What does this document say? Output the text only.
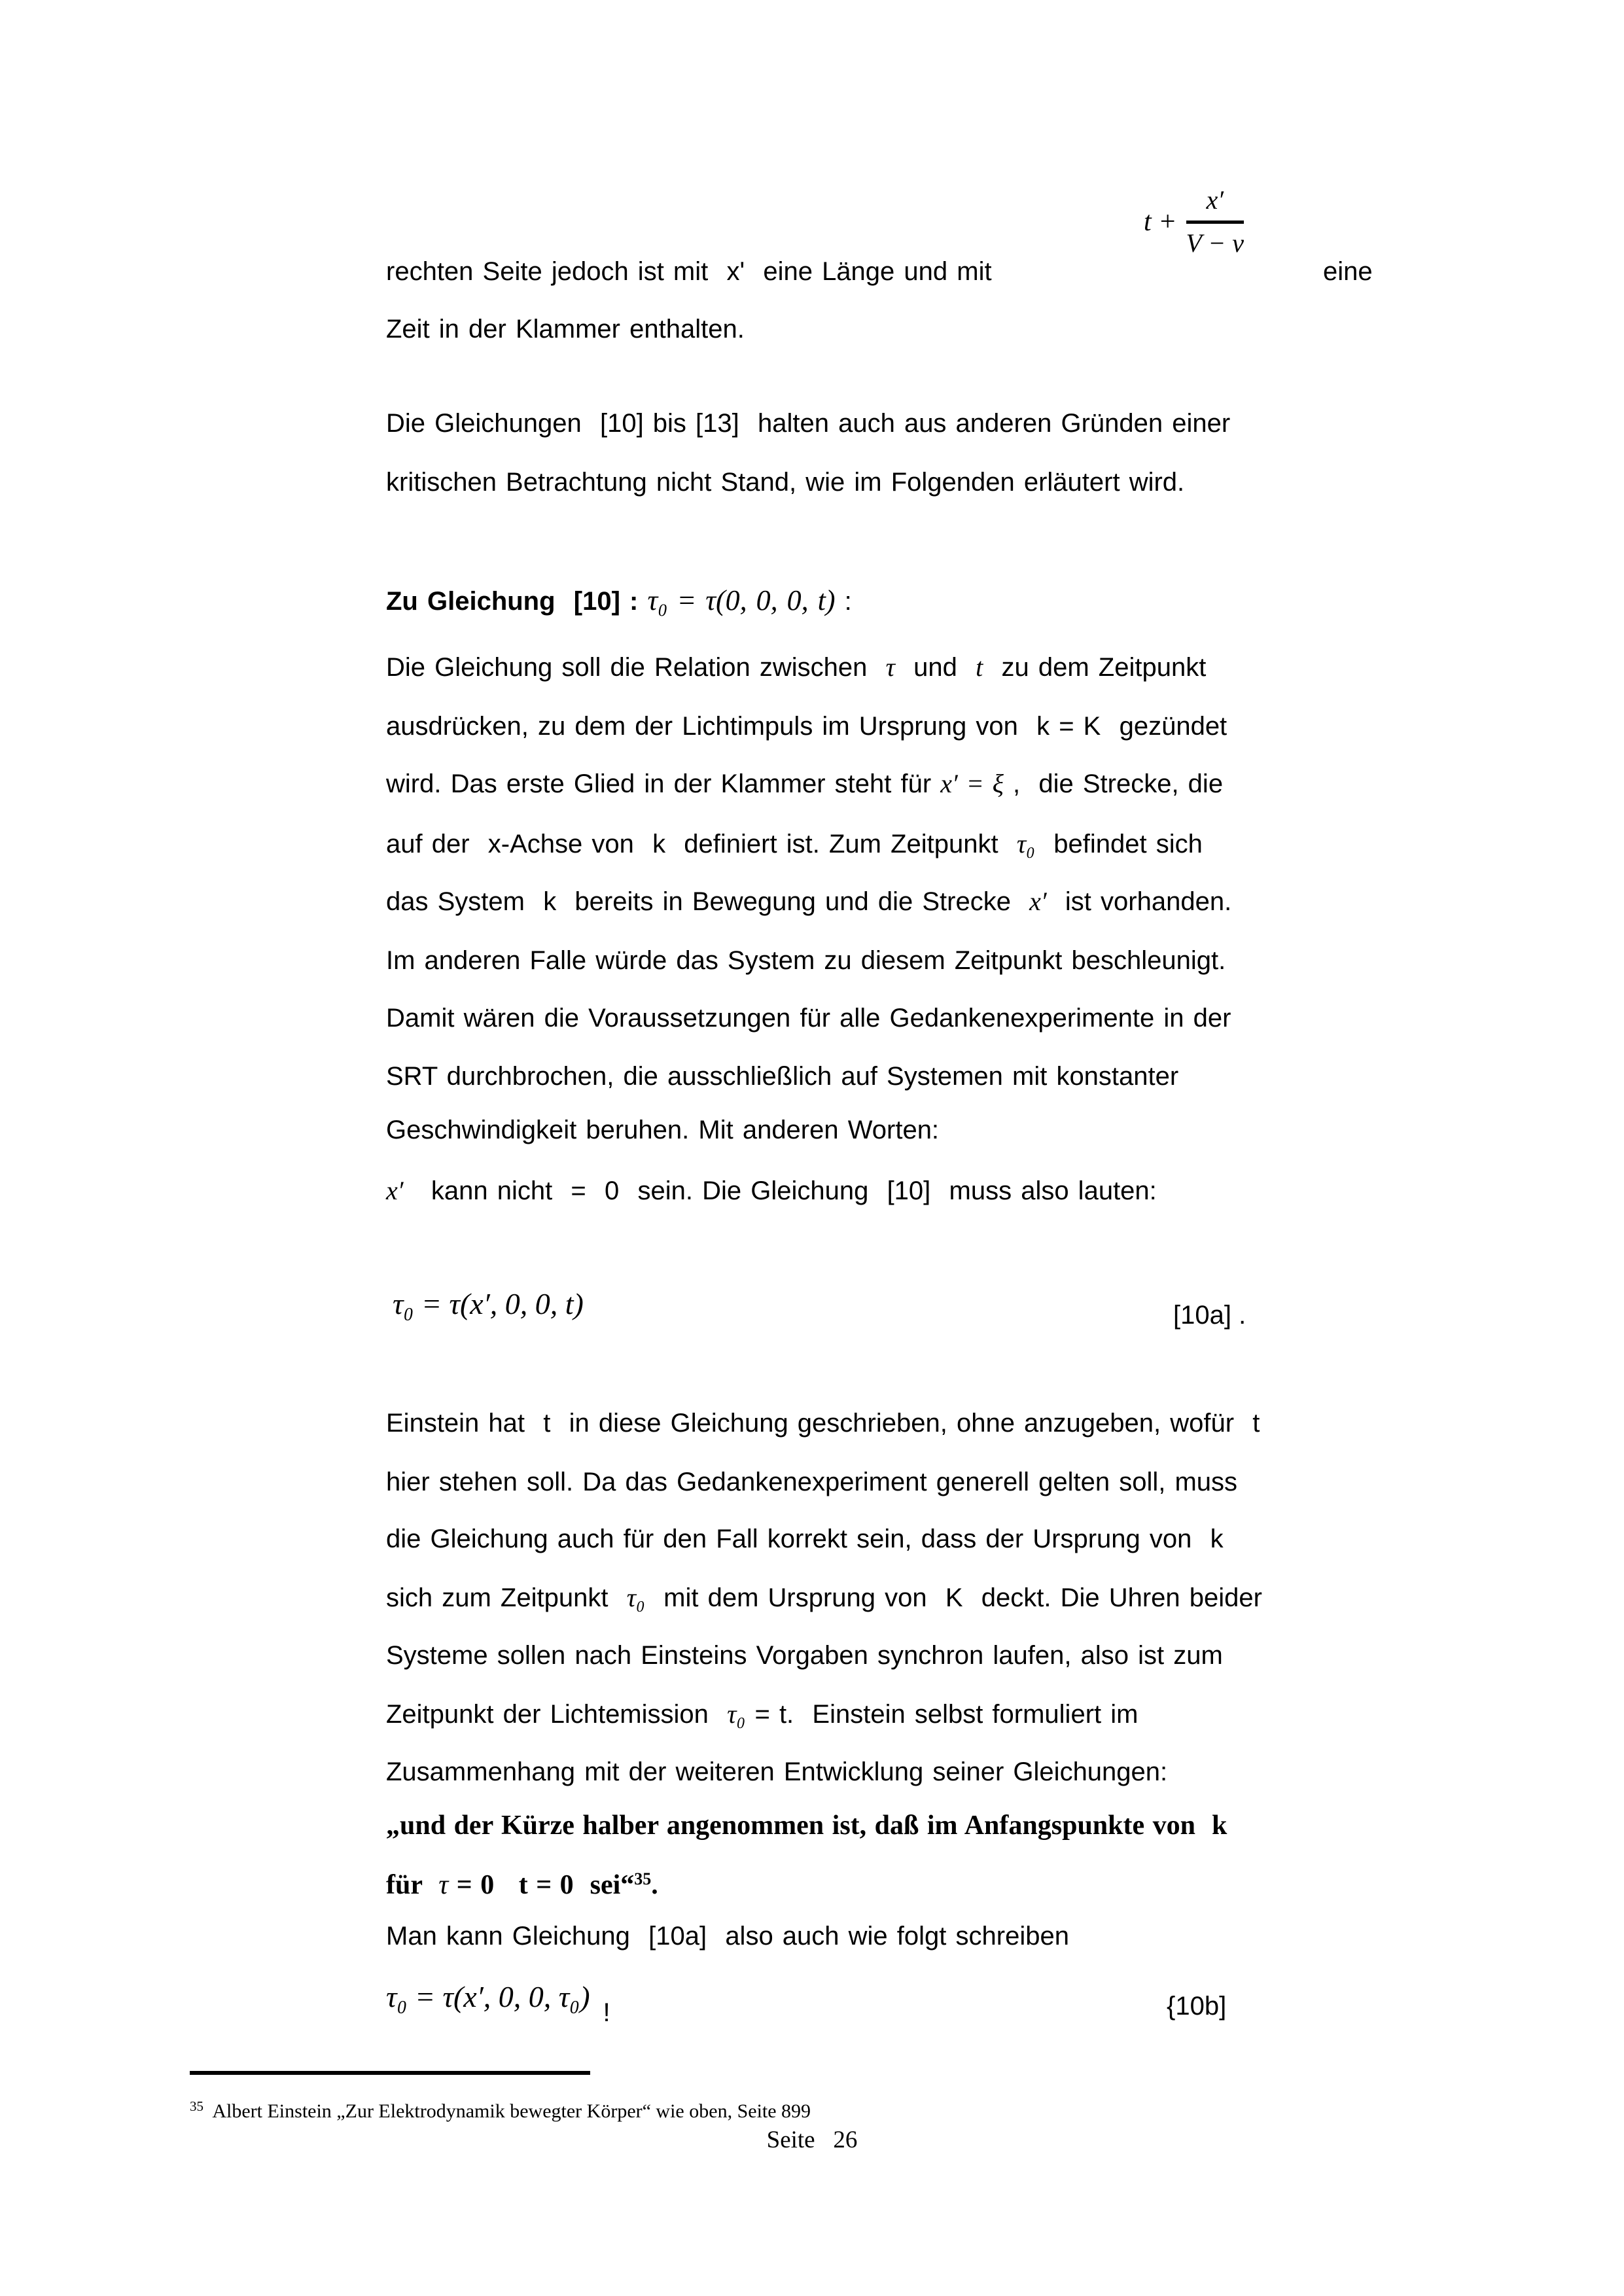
rechten Seite jedoch ist mit  x'  eine Länge und mit
$t + \frac{x'}{V - v}$
eine
Zeit in der Klammer enthalten.
Die Gleichungen  [10] bis [13]  halten auch aus anderen Gründen einer
kritischen Betrachtung nicht Stand, wie im Folgenden erläutert wird.
Zu Gleichung  [10] : τ₀ = τ(0, 0, 0, t) :
Die Gleichung soll die Relation zwischen  τ  und  t  zu dem Zeitpunkt
ausdrücken, zu dem der Lichtimpuls im Ursprung von  k = K  gezündet
wird. Das erste Glied in der Klammer steht für x′ = ξ ,  die Strecke, die
auf der  x-Achse von  k  definiert ist. Zum Zeitpunkt  τ₀  befindet sich
das System  k  bereits in Bewegung und die Strecke  x′  ist vorhanden.
Im anderen Falle würde das System zu diesem Zeitpunkt beschleunigt.
Damit wären die Voraussetzungen für alle Gedankenexperimente in der
SRT durchbrochen, die ausschließlich auf Systemen mit konstanter
Geschwindigkeit beruhen. Mit anderen Worten:
x′   kann nicht  =  0  sein. Die Gleichung  [10]  muss also lauten:
τ₀ = τ(x′, 0, 0, t)	[10a] .
Einstein hat  t  in diese Gleichung geschrieben, ohne anzugeben, wofür  t
hier stehen soll. Da das Gedankenexperiment generell gelten soll, muss
die Gleichung auch für den Fall korrekt sein, dass der Ursprung von  k
sich zum Zeitpunkt  τ₀  mit dem Ursprung von  K  deckt. Die Uhren beider
Systeme sollen nach Einsteins Vorgaben synchron laufen, also ist zum
Zeitpunkt der Lichtemission  τ₀ = t.  Einstein selbst formuliert im
Zusammenhang mit der weiteren Entwicklung seiner Gleichungen:
„und der Kürze halber angenommen ist, daß im Anfangspunkte von  k
für  τ = 0   t = 0  sei“$^{35}$.
Man kann Gleichung  [10a]  also auch wie folgt schreiben
τ₀ = τ(x′, 0, 0, τ₀) !	{10b]
$^{35}$  Albert Einstein „Zur Elektrodynamik bewegter Körper“ wie oben, Seite 899
Seite   26
